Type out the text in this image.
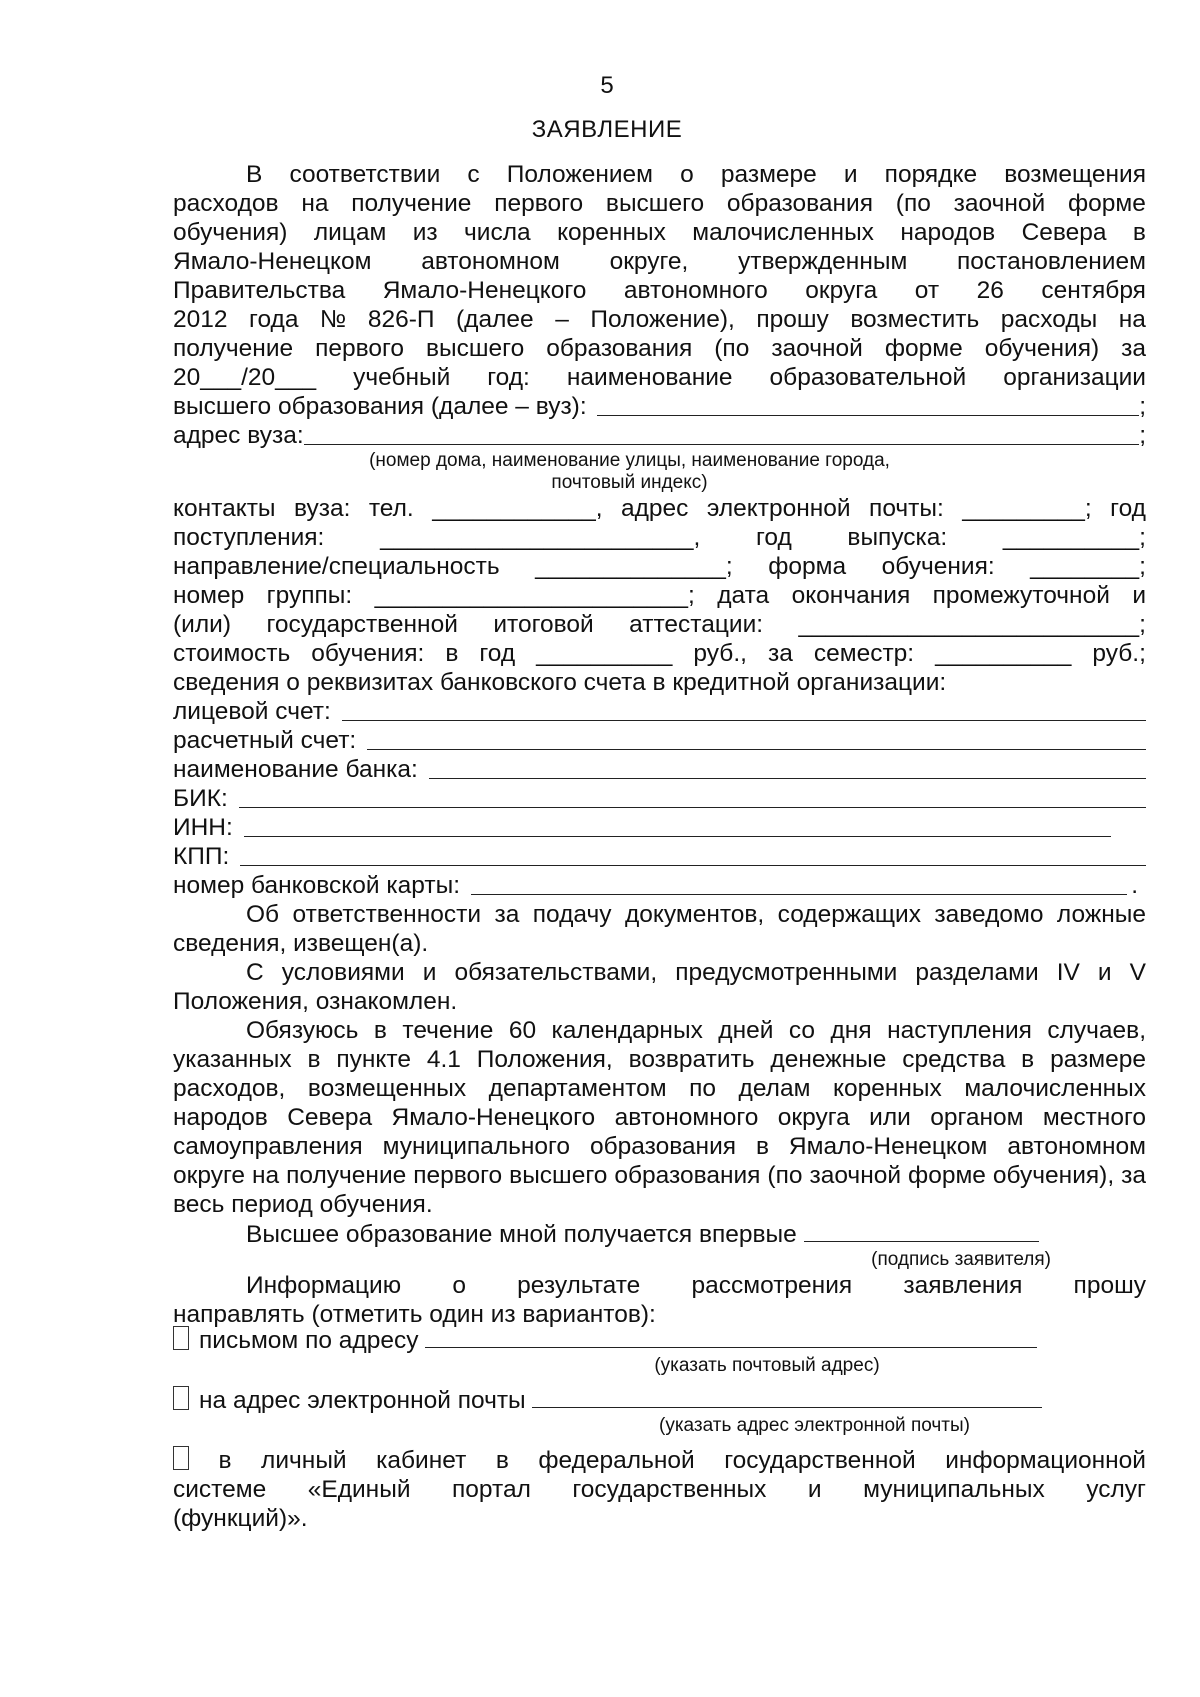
5
ЗАЯВЛЕНИЕ
В соответствии с Положением о размере и порядке возмещения
расходов на получение первого высшего образования (по заочной форме
обучения) лицам из числа коренных малочисленных народов Севера в
Ямало-Ненецком автономном округе, утвержденным постановлением
Правительства Ямало-Ненецкого автономного округа от 26 сентября
2012 года № 826-П (далее – Положение), прошу возместить расходы на
получение первого высшего образования (по заочной форме обучения) за
20___/20___ учебный год: наименование образовательной организации
высшего образования (далее – вуз):	;
адрес вуза:	;
(номер дома, наименование улицы, наименование города,
почтовый индекс)
контакты вуза: тел. ____________, адрес электронной почты: _________; год
поступления: _______________________, год выпуска: __________;
направление/специальность ______________; форма обучения: ________;
номер группы: _______________________; дата окончания промежуточной и
(или) государственной итоговой аттестации: _________________________;
стоимость обучения: в год __________ руб., за семестр: __________ руб.;
сведения о реквизитах банковского счета в кредитной организации:
лицевой счет:
расчетный счет:
наименование банка:
БИК:
ИНН:
КПП:
номер банковской карты:	.

Об ответственности за подачу документов, содержащих заведомо ложные сведения, извещен(а).

С условиями и обязательствами, предусмотренными разделами IV и V Положения, ознакомлен.

Обязуюсь в течение 60 календарных дней со дня наступления случаев, указанных в пункте 4.1 Положения, возвратить денежные средства в размере расходов, возмещенных департаментом по делам коренных малочисленных народов Севера Ямало-Ненецкого автономного округа или органом местного самоуправления муниципального образования в Ямало-Ненецком автономном округе на получение первого высшего образования (по заочной форме обучения), за весь период обучения.

Высшее образование мной получается впервые
(подпись заявителя)
Информацию о результате рассмотрения заявления прошу
направлять (отметить один из вариантов):
письмом по адресу
(указать почтовый адрес)
на адрес электронной почты
(указать адрес электронной почты)
в личный кабинет в федеральной государственной информационной
системе «Единый портал государственных и муниципальных услуг
(функций)».
